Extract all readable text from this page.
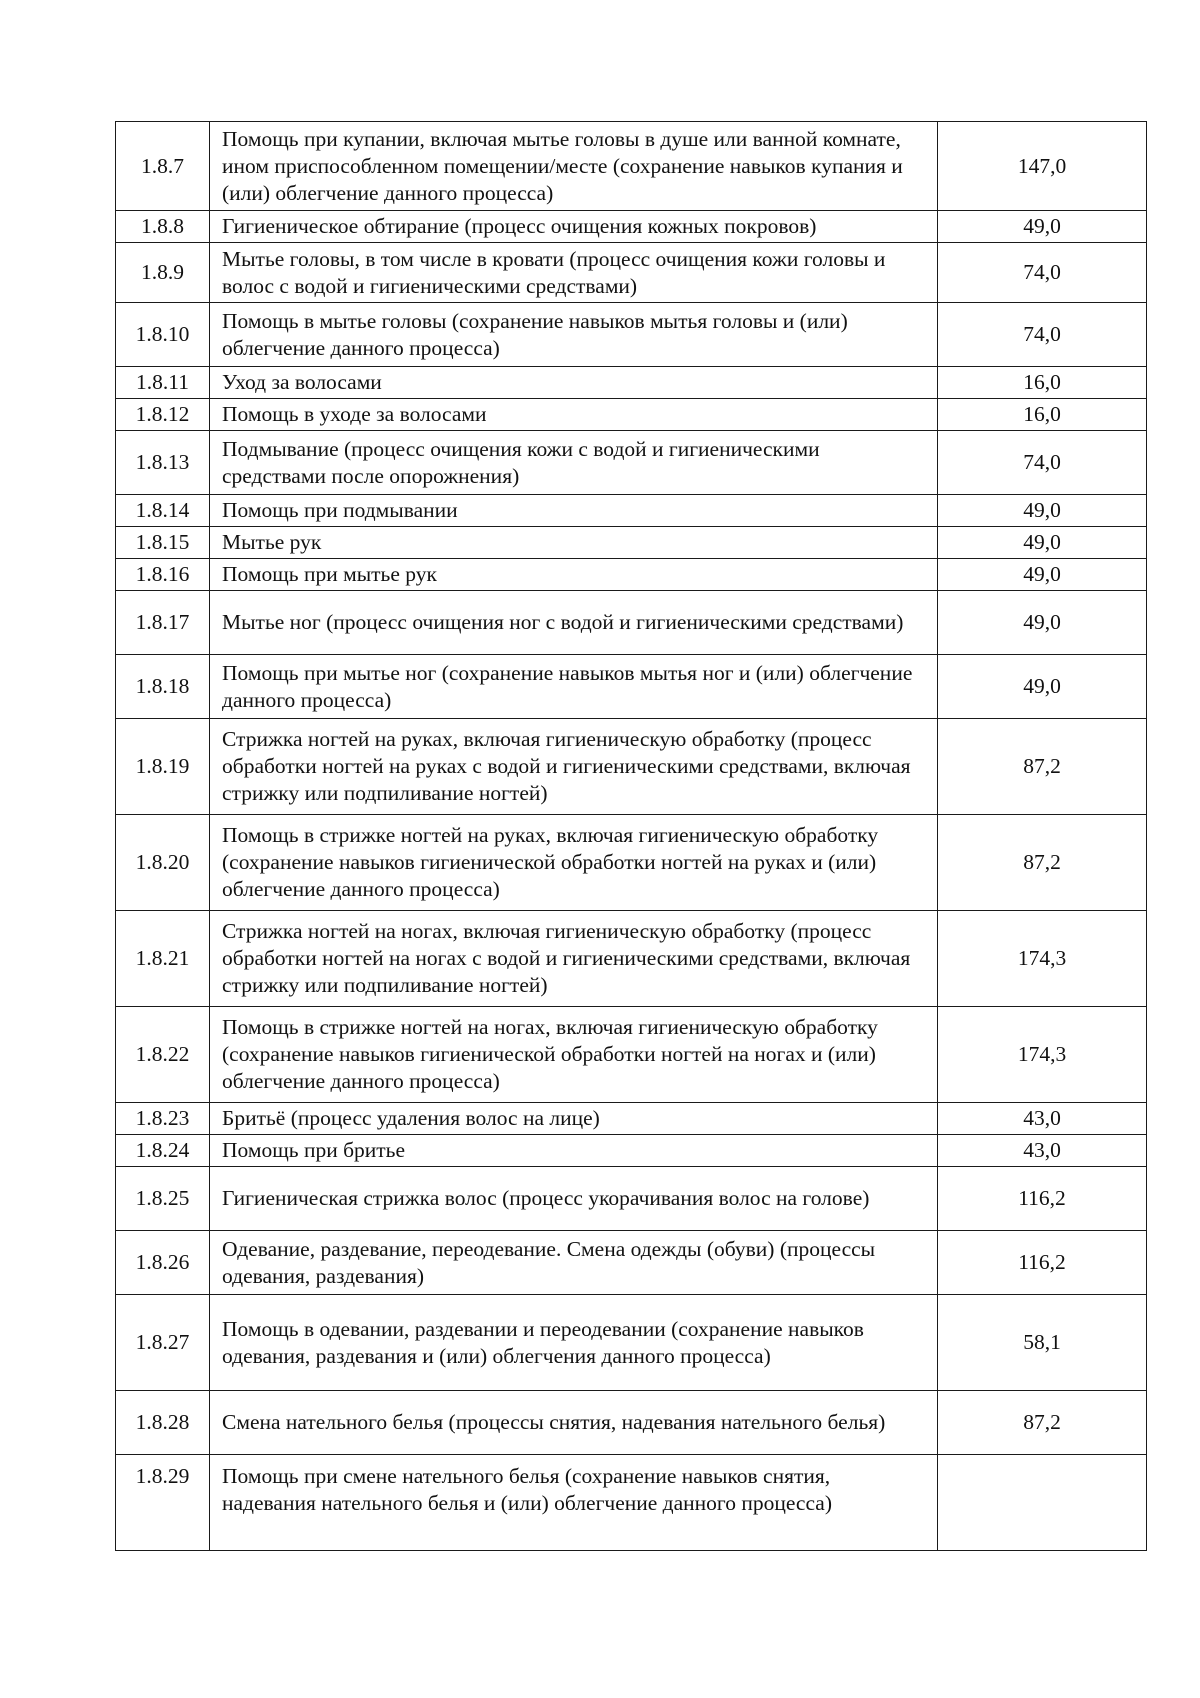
1.8.7	Помощь при купании, включая мытье головы в душе или ванной комнате, ином приспособленном помещении/месте (сохранение навыков купания и (или) облегчение данного процесса)	147,0
1.8.8	Гигиеническое обтирание (процесс очищения кожных покровов)	49,0
1.8.9	Мытье головы, в том числе в кровати (процесс очищения кожи головы и волос с водой и гигиеническими средствами)	74,0
1.8.10	Помощь в мытье головы (сохранение навыков мытья головы и (или) облегчение данного процесса)	74,0
1.8.11	Уход за волосами	16,0
1.8.12	Помощь в уходе за волосами	16,0
1.8.13	Подмывание (процесс очищения кожи с водой и гигиеническими средствами после опорожнения)	74,0
1.8.14	Помощь при подмывании	49,0
1.8.15	Мытье рук	49,0
1.8.16	Помощь при мытье рук	49,0
1.8.17	Мытье ног (процесс очищения ног с водой и гигиеническими средствами)	49,0
1.8.18	Помощь при мытье ног (сохранение навыков мытья ног и (или) облегчение данного процесса)	49,0
1.8.19	Стрижка ногтей на руках, включая гигиеническую обработку (процесс обработки ногтей на руках с водой и гигиеническими средствами, включая стрижку или подпиливание ногтей)	87,2
1.8.20	Помощь в стрижке ногтей на руках, включая гигиеническую обработку (сохранение навыков гигиенической обработки ногтей на руках и (или) облегчение данного процесса)	87,2
1.8.21	Стрижка ногтей на ногах, включая гигиеническую обработку (процесс обработки ногтей на ногах с водой и гигиеническими средствами, включая стрижку или подпиливание ногтей)	174,3
1.8.22	Помощь в стрижке ногтей на ногах, включая гигиеническую обработку (сохранение навыков гигиенической обработки ногтей на ногах и (или) облегчение данного процесса)	174,3
1.8.23	Бритьё (процесс удаления волос на лице)	43,0
1.8.24	Помощь при бритье	43,0
1.8.25	Гигиеническая стрижка волос (процесс укорачивания волос на голове)	116,2
1.8.26	Одевание, раздевание, переодевание. Смена одежды (обуви) (процессы одевания, раздевания)	116,2
1.8.27	Помощь в одевании, раздевании и переодевании (сохранение навыков одевания, раздевания и (или) облегчения данного процесса)	58,1
1.8.28	Смена нательного белья (процессы снятия, надевания нательного белья)	87,2
1.8.29	Помощь при смене нательного белья (сохранение навыков снятия, надевания нательного белья и (или) облегчение данного процесса)	
